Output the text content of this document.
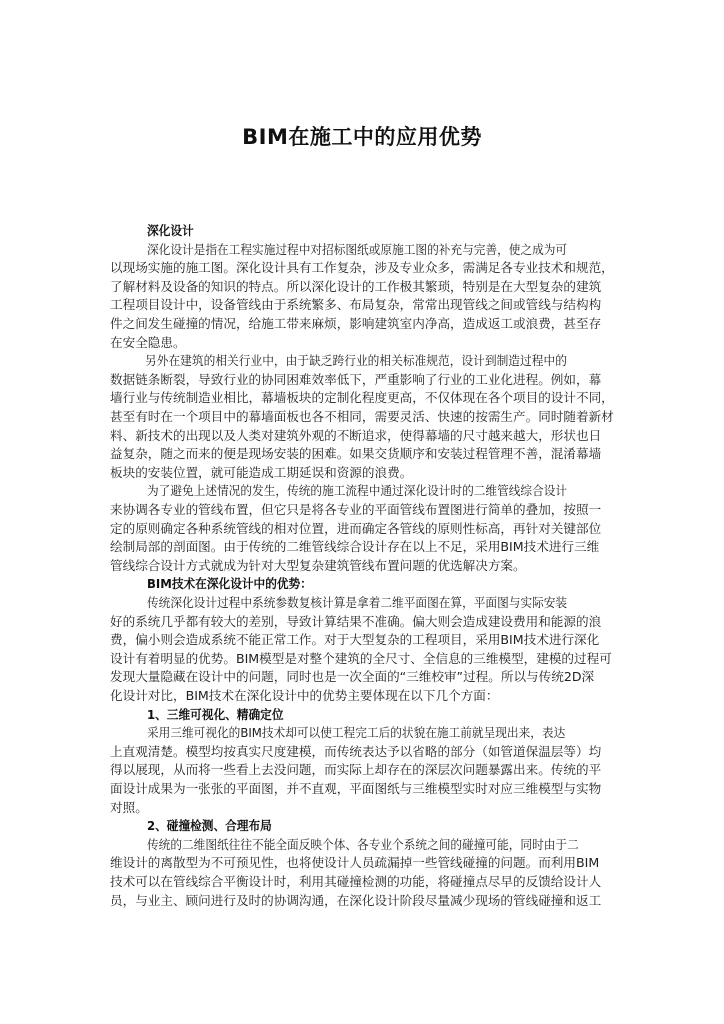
BIM在施工中的应用优势
深化设计
深化设计是指在工程实施过程中对招标图纸或原施工图的补充与完善，使之成为可
以现场实施的施工图。深化设计具有工作复杂，涉及专业众多，需满足各专业技术和规范，
了解材料及设备的知识的特点。所以深化设计的工作极其繁琐，特别是在大型复杂的建筑
工程项目设计中，设备管线由于系统繁多、布局复杂，常常出现管线之间或管线与结构构
件之间发生碰撞的情况，给施工带来麻烦，影响建筑室内净高，造成返工或浪费，甚至存
在安全隐患。
另外在建筑的相关行业中，由于缺乏跨行业的相关标准规范，设计到制造过程中的
数据链条断裂，导致行业的协同困难效率低下，严重影响了行业的工业化进程。例如，幕
墙行业与传统制造业相比，幕墙板块的定制化程度更高，不仅体现在各个项目的设计不同，
甚至有时在一个项目中的幕墙面板也各不相同，需要灵活、快速的按需生产。同时随着新材
料、新技术的出现以及人类对建筑外观的不断追求，使得幕墙的尺寸越来越大，形状也日
益复杂，随之而来的便是现场安装的困难。如果交货顺序和安装过程管理不善，混淆幕墙
板块的安装位置，就可能造成工期延误和资源的浪费。
为了避免上述情况的发生，传统的施工流程中通过深化设计时的二维管线综合设计
来协调各专业的管线布置，但它只是将各专业的平面管线布置图进行简单的叠加，按照一
定的原则确定各种系统管线的相对位置，进而确定各管线的原则性标高，再针对关键部位
绘制局部的剖面图。由于传统的二维管线综合设计存在以上不足，采用BIM技术进行三维
管线综合设计方式就成为针对大型复杂建筑管线布置问题的优选解决方案。
BIM技术在深化设计中的优势：
传统深化设计过程中系统参数复核计算是拿着二维平面图在算，平面图与实际安装
好的系统几乎都有较大的差别，导致计算结果不准确。偏大则会造成建设费用和能源的浪
费，偏小则会造成系统不能正常工作。对于大型复杂的工程项目，采用BIM技术进行深化
设计有着明显的优势。BIM模型是对整个建筑的全尺寸、全信息的三维模型，建模的过程可
发现大量隐藏在设计中的问题，同时也是一次全面的“三维校审”过程。所以与传统2D深
化设计对比，BIM技术在深化设计中的优势主要体现在以下几个方面：
1、三维可视化、精确定位
采用三维可视化的BIM技术却可以使工程完工后的状貌在施工前就呈现出来，表达
上直观清楚。模型均按真实尺度建模，而传统表达予以省略的部分（如管道保温层等）均
得以展现，从而将一些看上去没问题，而实际上却存在的深层次问题暴露出来。传统的平
面设计成果为一张张的平面图，并不直观，平面图纸与三维模型实时对应三维模型与实物
对照。
2、碰撞检测、合理布局
传统的二维图纸往往不能全面反映个体、各专业个系统之间的碰撞可能，同时由于二
维设计的离散型为不可预见性，也将使设计人员疏漏掉一些管线碰撞的问题。而利用BIM
技术可以在管线综合平衡设计时，利用其碰撞检测的功能，将碰撞点尽早的反馈给设计人
员，与业主、顾问进行及时的协调沟通，在深化设计阶段尽量减少现场的管线碰撞和返工
